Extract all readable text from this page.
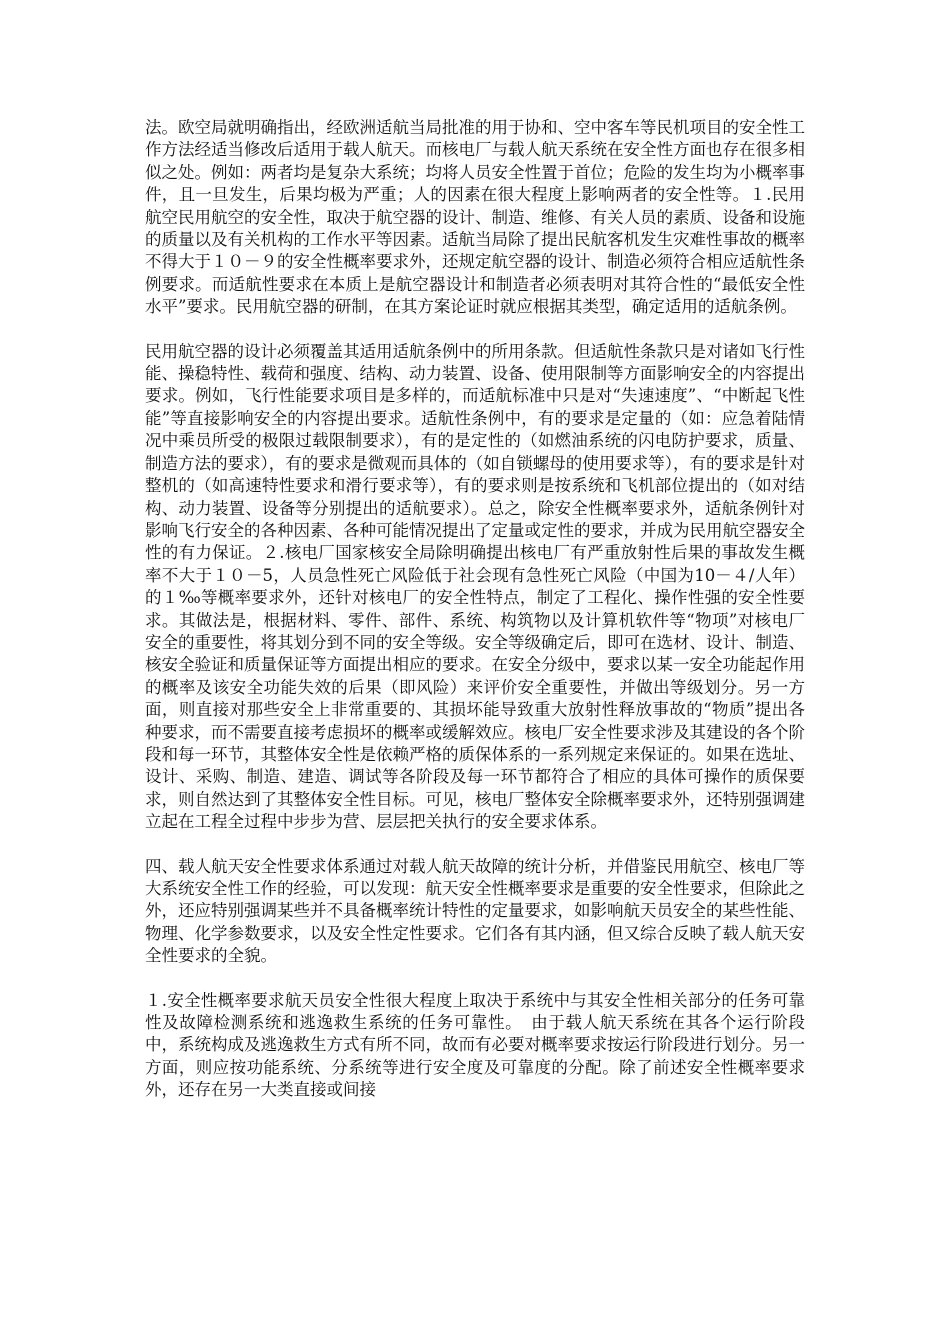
法。欧空局就明确指出，经欧洲适航当局批准的用于协和、空中客车等民机项目的安全性工作方法经适当修改后适用于载人航天。而核电厂与载人航天系统在安全性方面也存在很多相似之处。例如：两者均是复杂大系统；均将人员安全性置于首位；危险的发生均为小概率事件，且一旦发生，后果均极为严重；人的因素在很大程度上影响两者的安全性等。１.民用航空民用航空的安全性，取决于航空器的设计、制造、维修、有关人员的素质、设备和设施的质量以及有关机构的工作水平等因素。适航当局除了提出民航客机发生灾难性事故的概率不得大于１０－９的安全性概率要求外，还规定航空器的设计、制造必须符合相应适航性条例要求。而适航性要求在本质上是航空器设计和制造者必须表明对其符合性的“最低安全性水平”要求。民用航空器的研制，在其方案论证时就应根据其类型，确定适用的适航条例。

民用航空器的设计必须覆盖其适用适航条例中的所用条款。但适航性条款只是对诸如飞行性能、操稳特性、载荷和强度、结构、动力装置、设备、使用限制等方面影响安全的内容提出要求。例如，飞行性能要求项目是多样的，而适航标准中只是对“失速速度”、“中断起飞性能”等直接影响安全的内容提出要求。适航性条例中，有的要求是定量的（如：应急着陆情况中乘员所受的极限过载限制要求），有的是定性的（如燃油系统的闪电防护要求，质量、制造方法的要求），有的要求是微观而具体的（如自锁螺母的使用要求等），有的要求是针对整机的（如高速特性要求和滑行要求等），有的要求则是按系统和飞机部位提出的（如对结构、动力装置、设备等分别提出的适航要求）。总之，除安全性概率要求外，适航条例针对影响飞行安全的各种因素、各种可能情况提出了定量或定性的要求，并成为民用航空器安全性的有力保证。２.核电厂国家核安全局除明确提出核电厂有严重放射性后果的事故发生概率不大于１０－5，人员急性死亡风险低于社会现有急性死亡风险（中国为10－４/人年）的１‰等概率要求外，还针对核电厂的安全性特点，制定了工程化、操作性强的安全性要求。其做法是，根据材料、零件、部件、系统、构筑物以及计算机软件等“物项”对核电厂安全的重要性，将其划分到不同的安全等级。安全等级确定后，即可在选材、设计、制造、核安全验证和质量保证等方面提出相应的要求。在安全分级中，要求以某一安全功能起作用的概率及该安全功能失效的后果（即风险）来评价安全重要性，并做出等级划分。另一方面，则直接对那些安全上非常重要的、其损坏能导致重大放射性释放事故的“物质”提出各种要求，而不需要直接考虑损坏的概率或缓解效应。核电厂安全性要求涉及其建设的各个阶段和每一环节，其整体安全性是依赖严格的质保体系的一系列规定来保证的。如果在选址、设计、采购、制造、建造、调试等各阶段及每一环节都符合了相应的具体可操作的质保要求，则自然达到了其整体安全性目标。可见，核电厂整体安全除概率要求外，还特别强调建立起在工程全过程中步步为营、层层把关执行的安全要求体系。

四、载人航天安全性要求体系通过对载人航天故障的统计分析，并借鉴民用航空、核电厂等大系统安全性工作的经验，可以发现：航天安全性概率要求是重要的安全性要求，但除此之外，还应特别强调某些并不具备概率统计特性的定量要求，如影响航天员安全的某些性能、物理、化学参数要求，以及安全性定性要求。它们各有其内涵，但又综合反映了载人航天安全性要求的全貌。

１.安全性概率要求航天员安全性很大程度上取决于系统中与其安全性相关部分的任务可靠性及故障检测系统和逃逸救生系统的任务可靠性。　由于载人航天系统在其各个运行阶段中，系统构成及逃逸救生方式有所不同，故而有必要对概率要求按运行阶段进行划分。另一方面，则应按功能系统、分系统等进行安全度及可靠度的分配。除了前述安全性概率要求外，还存在另一大类直接或间接
